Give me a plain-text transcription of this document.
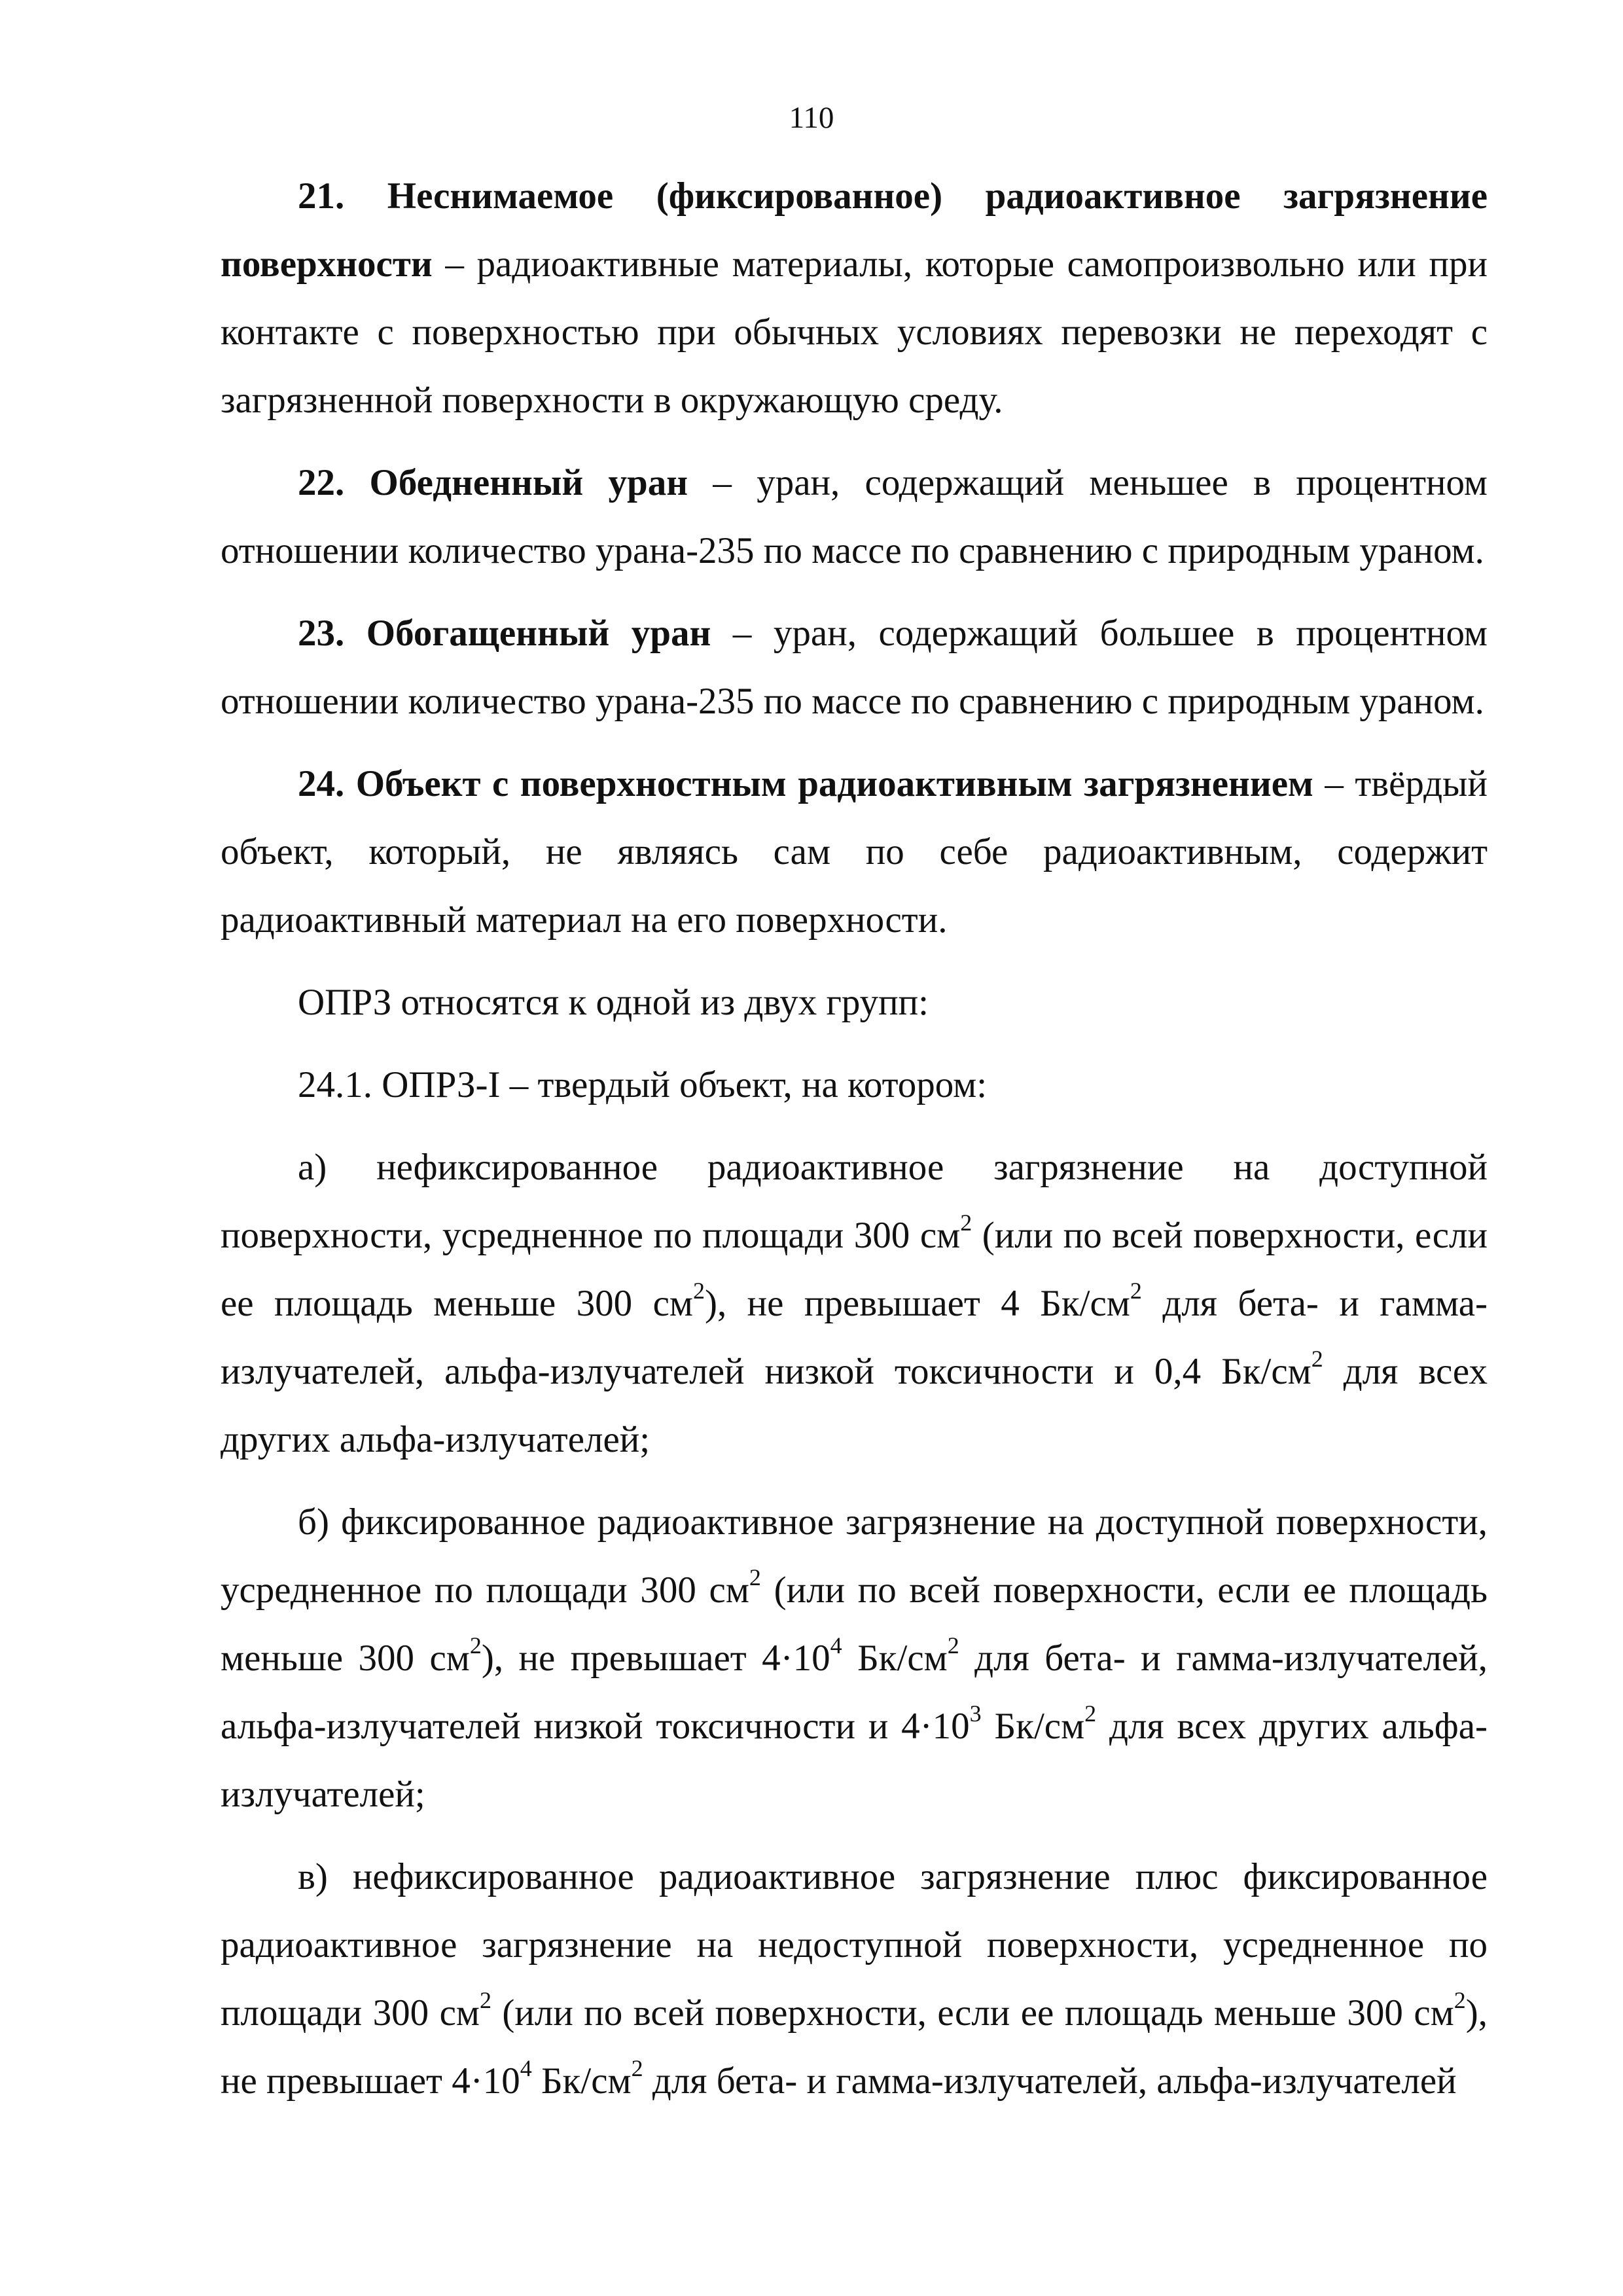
110

21. Неснимаемое (фиксированное) радиоактивное загрязнение поверхности – радиоактивные материалы, которые самопроизвольно или при контакте с поверхностью при обычных условиях перевозки не переходят с загрязненной поверхности в окружающую среду.

22. Обедненный уран – уран, содержащий меньшее в процентном отношении количество урана-235 по массе по сравнению с природным ураном.

23. Обогащенный уран – уран, содержащий большее в процентном отношении количество урана-235 по массе по сравнению с природным ураном.

24. Объект с поверхностным радиоактивным загрязнением – твёрдый объект, который, не являясь сам по себе радиоактивным, содержит радиоактивный материал на его поверхности.

ОПРЗ относятся к одной из двух групп:

24.1. ОПРЗ-I – твердый объект, на котором:

а) нефиксированное радиоактивное загрязнение на доступной поверхности, усредненное по площади 300 $см^2$ (или по всей поверхности, если ее площадь меньше 300 $см^2$), не превышает 4 $Бк/см^2$ для бета- и гамма-излучателей, альфа-излучателей низкой токсичности и 0,4 $Бк/см^2$ для всех других альфа-излучателей;

б) фиксированное радиоактивное загрязнение на доступной поверхности, усредненное по площади 300 $см^2$ (или по всей поверхности, если ее площадь меньше 300 $см^2$), не превышает $4\cdot 10^4$ $Бк/см^2$ для бета- и гамма-излучателей, альфа-излучателей низкой токсичности и $4\cdot 10^3$ $Бк/см^2$ для всех других альфа-излучателей;

в) нефиксированное радиоактивное загрязнение плюс фиксированное радиоактивное загрязнение на недоступной поверхности, усредненное по площади 300 $см^2$ (или по всей поверхности, если ее площадь меньше 300 $см^2$), не превышает $4\cdot 10^4$ $Бк/см^2$ для бета- и гамма-излучателей, альфа-излучателей
